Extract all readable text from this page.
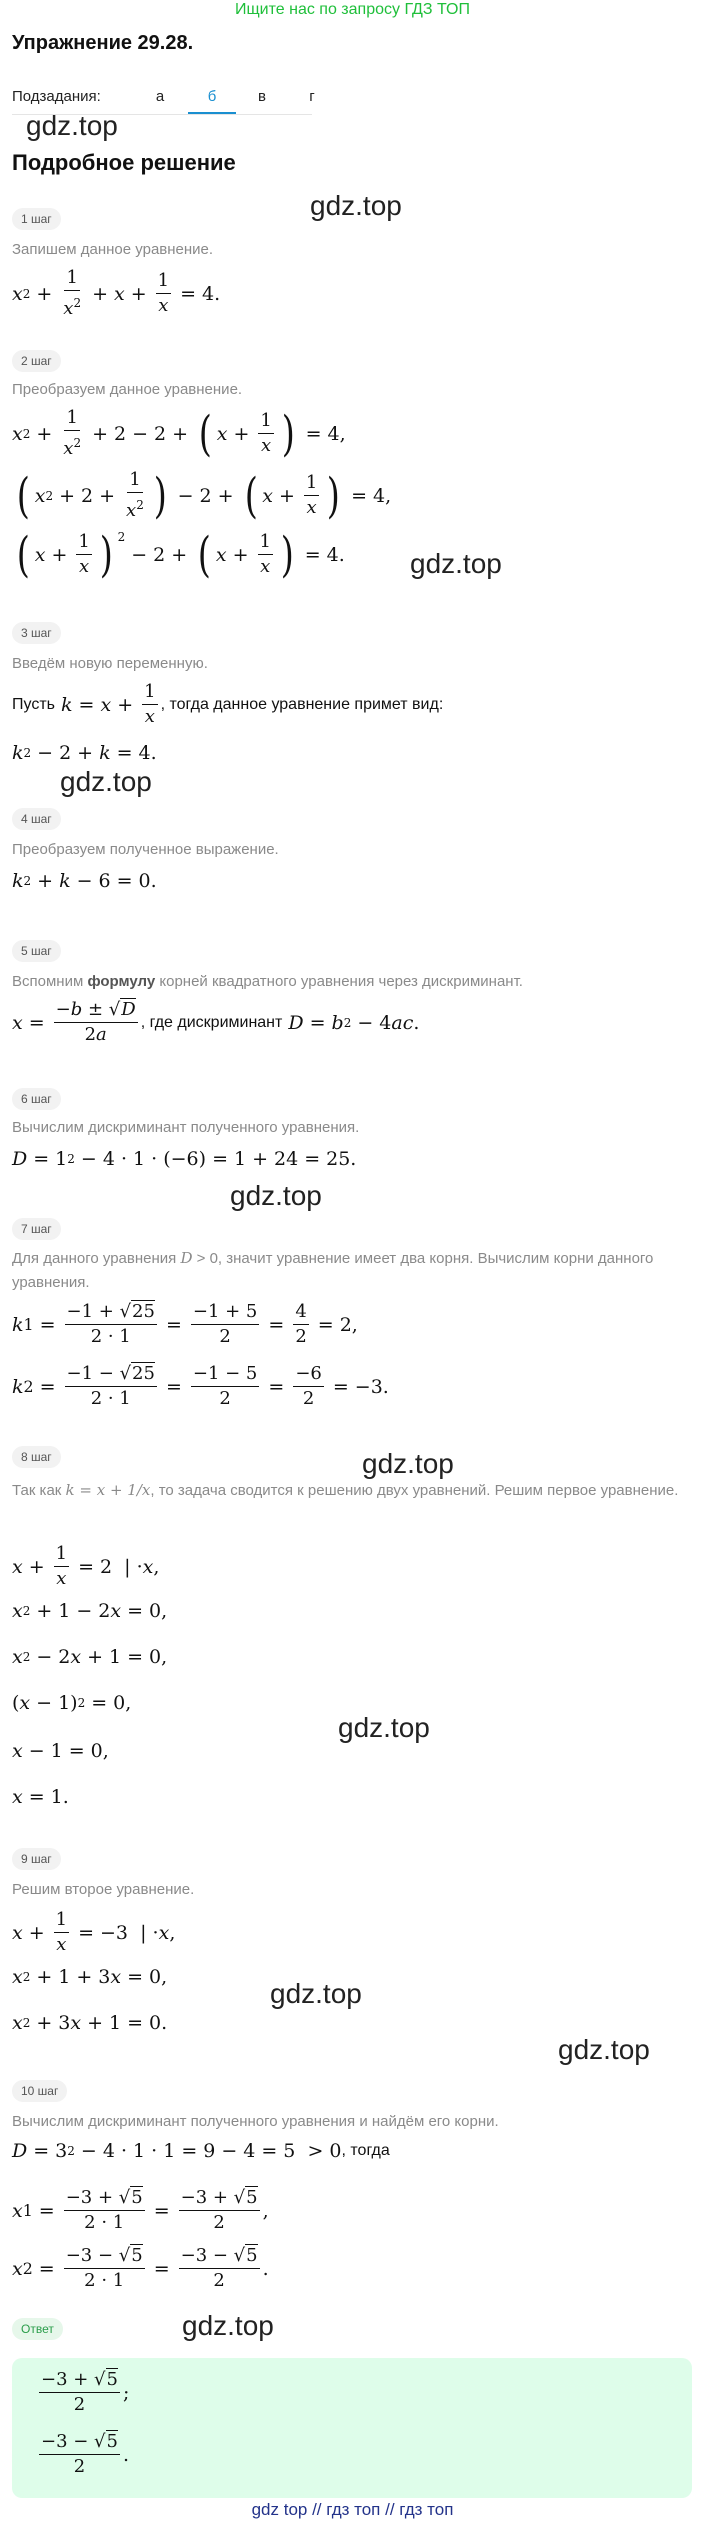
Ищите нас по запросу ГДЗ ТОП
Упражнение 29.28.
Подзадания:	а	б	в	г
gdz.top
Подробное решение
gdz.top
1 шаг
Запишем данное уравнение.
x $2 + \frac{1}{x^2} + x + \frac{1}{x} = 4$.
2 шаг
Преобразуем данное уравнение.
x $2 + \frac{1}{x^2} + 2 - 2$ + ( $x + \frac{1}{x}$ ) = 4,
( x $2 + 2 + \frac{1}{x^2}$ ) − 2 + ( $x + \frac{1}{x}$ ) = 4,
( $x + \frac{1}{x}$ ) $^2$
− 2 + ( $x + \frac{1}{x}$ ) = 4. gdz.top
3 шаг
Введём новую переменную.
Пусть
$k = x + \frac{1}{x}$ , тогда данное уравнение примет вид:
k 2 − 2 + k = 4.
gdz.top
4 шаг
Преобразуем полученное выражение.
k 2 + k − 6 = 0.
5 шаг
Вспомним формулу корней квадратного уравнения через дискриминант.
$x = \frac{-b \pm √D}{2a}$ , где дискриминант
D = b 2 − 4 ac .
6 шаг
Вычислим дискриминант полученного уравнения.
D = 1 2 − 4 · 1 · (−6) = 1 + 24 = 25.
gdz.top
7 шаг
Для данного уравнения D > 0, значит уравнение имеет два корня. Вычислим корни данного уравнения.
k $1 = \frac{-1 + √25}{2 \cdot 1} = \frac{-1 + 5}{2} = \frac{4}{2} = 2$,
k $2 = \frac{-1 - √25}{2 \cdot 1} = \frac{-1 - 5}{2} = \frac{-6}{2} = -3$.
gdz.top
8 шаг
Так как k = x + 1/x, то задача сводится к решению двух уравнений. Решим первое уравнение.
$x + \frac{1}{x} = 2$  | · x ,
x 2 + 1 − 2 x = 0,
x 2 − 2 x + 1 = 0,
( x − 1) 2 = 0,
gdz.top
x − 1 = 0,
x = 1.
9 шаг
Решим второе уравнение.
$x + \frac{1}{x} = -3$  | · x ,
x 2 + 1 + 3 x = 0,
gdz.top
x 2 + 3 x + 1 = 0.
gdz.top
10 шаг
Вычислим дискриминант полученного уравнения и найдём его корни.
D = 3 2 − 4 · 1 · 1 = 9 − 4 = 5  > 0 , тогда
x $1 = \frac{-3 + √5}{2 \cdot 1} = \frac{-3 + √5}{2}$ ,
x $2 = \frac{-3 - √5}{2 \cdot 1} = \frac{-3 - √5}{2}$ .
Ответ	gdz.top
−3 + √5
2
;
−3 − √5
2
.
gdz top // гдз топ // гдз топ
